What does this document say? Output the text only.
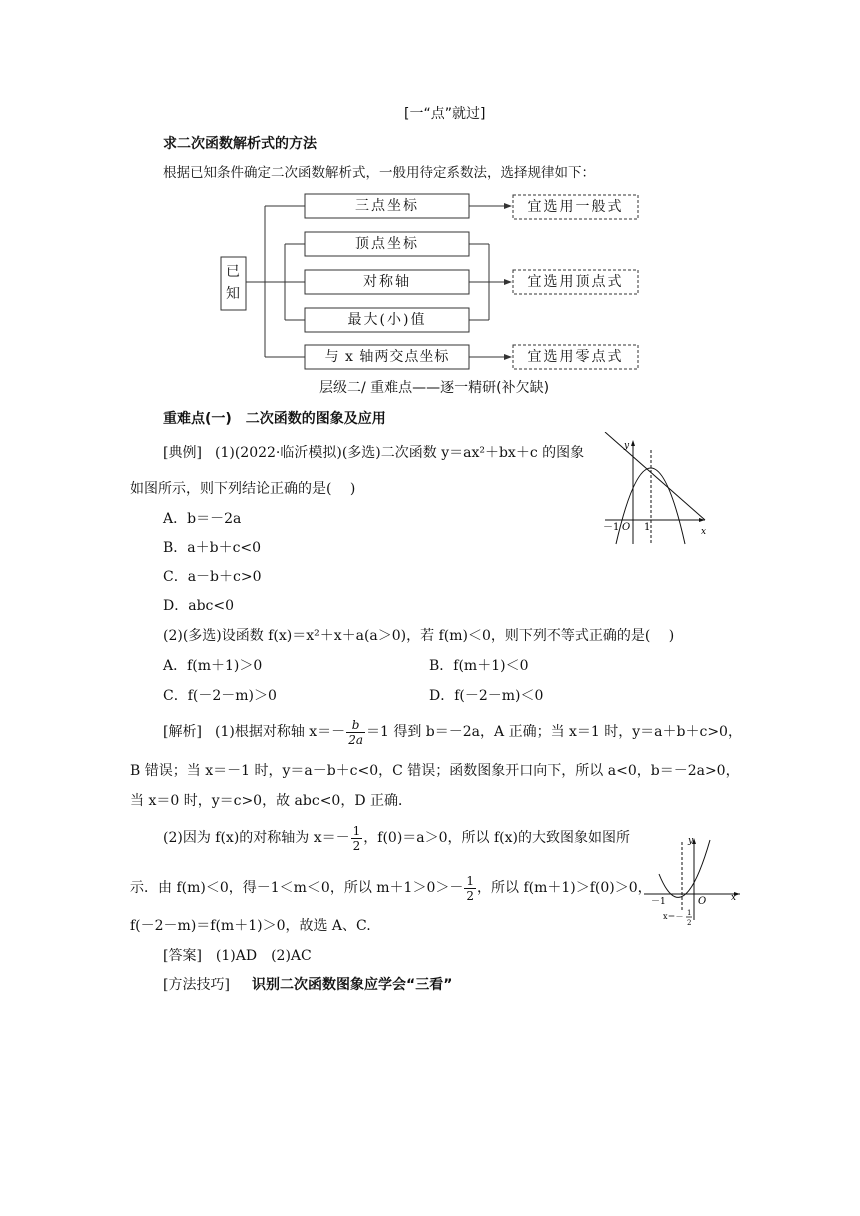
[一“点”就过]
求二次函数解析式的方法
根据已知条件确定二次函数解析式，一般用待定系数法，选择规律如下：
已知
三点坐标
顶点坐标
对称轴
最大(小)值
与 x 轴两交点坐标
宜选用一般式
宜选用顶点式
宜选用零点式
层级二/ 重难点——逐一精研(补欠缺)
重难点(一)　二次函数的图象及应用
[典例] (1)(2022·临沂模拟)(多选)二次函数 y＝ax²＋bx＋c 的图象
如图所示，则下列结论正确的是(　 )
A．b＝－2a
B．a＋b＋c<0
C．a－b＋c>0
D．abc<0
(2)(多选)设函数 f(x)＝x²＋x＋a(a＞0)，若 f(m)＜0，则下列不等式正确的是(　 )
A．f(m＋1)＞0	B．f(m＋1)＜0
C．f(－2－m)＞0	D．f(－2－m)＜0
y
x
O
－1 1
[解析] (1)根据对称轴 $x=- \frac{b}{2a} =1$ 得到 b＝－2a，A 正确；当 x＝1 时，y＝a＋b＋c>0，
B 错误；当 x＝－1 时，y＝a－b＋c<0，C 错误；函数图象开口向下，所以 a<0，b＝－2a>0，
当 x＝0 时，y＝c>0，故 abc<0，D 正确．
(2)因为 f(x)的对称轴为 $x=- \frac{1}{2}$ ，f(0)＝a＞0，所以 f(x)的大致图象如图所
示．由 f(m)＜0，得－1＜m＜0，所以 $m+1>0>- \frac{1}{2}$ ，所以 f(m＋1)＞f(0)＞0，
f(－2－m)＝f(m＋1)＞0，故选 A、C.
y
x
O
－1
x＝－ 1
2
[答案]　(1)AD　(2)AC
[方法技巧] 识别二次函数图象应学会“三看”
